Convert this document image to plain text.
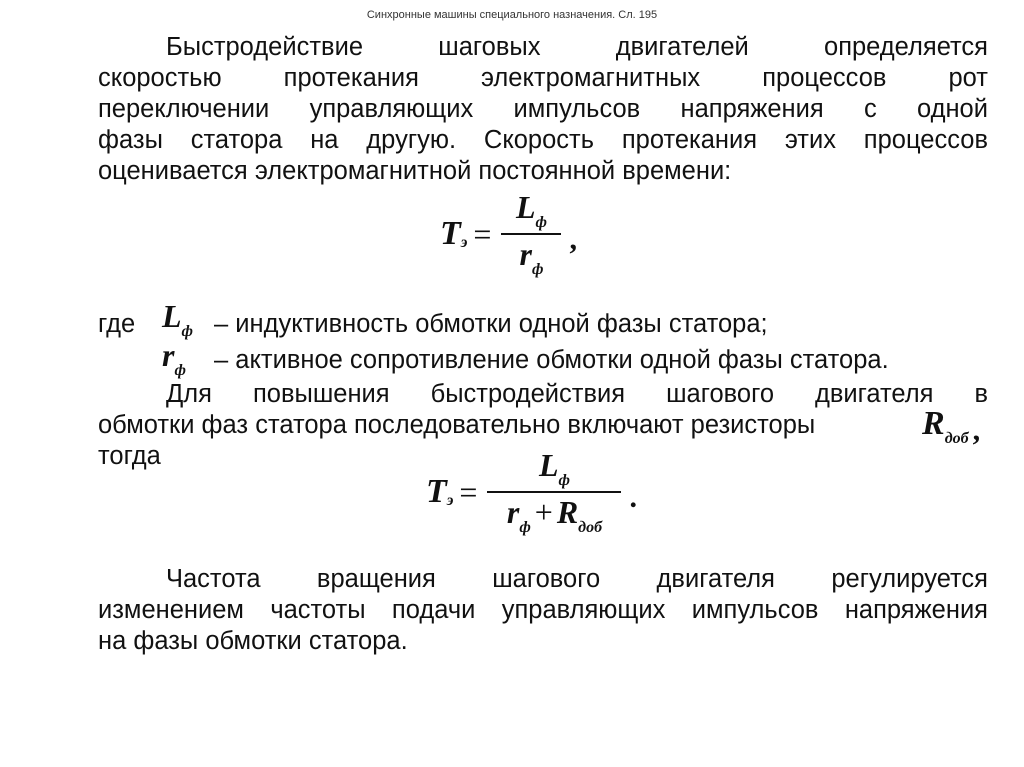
Синхронные машины специального назначения. Сл. 195
Быстродействие шаговых двигателей определяется
скоростью протекания электромагнитных процессов рот
переключении управляющих импульсов напряжения с одной
фазы статора на другую. Скорость протекания этих процессов
оценивается электромагнитной постоянной времени:
T $э = \frac{L_ф}{r_ф}$ ,
где $L_ф$ – индуктивность обмотки одной фазы статора;
$r_ф$ – активное сопротивление обмотки одной фазы статора.
Для повышения быстродействия шагового двигателя в
обмотки фаз статора последовательно включают резисторы
тогда
$R_{доб}$ ,
T $э = \frac{L_ф}{r_ф + R_{доб}}$ .
Частота вращения шагового двигателя регулируется
изменением частоты подачи управляющих импульсов напряжения
на фазы обмотки статора.
